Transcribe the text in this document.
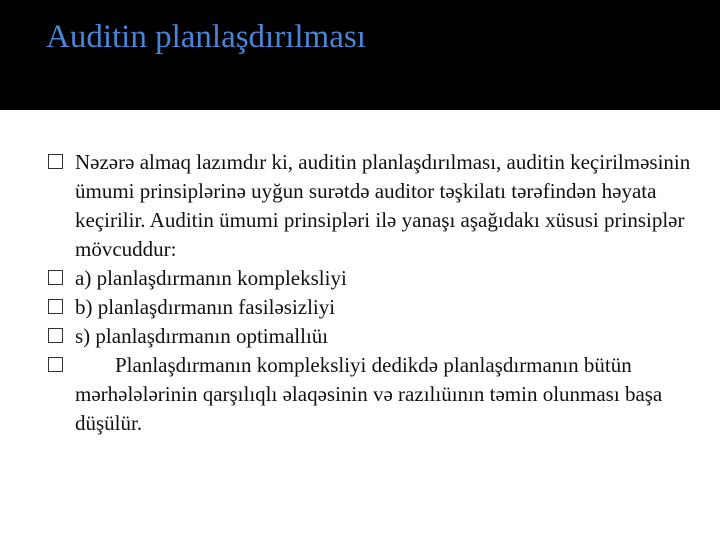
Auditin planlaşdırılması
Nəzərə almaq lazımdır ki, auditin planlaşdırılması, auditin keçirilməsinin ümumi prinsiplərinə uyğun surətdə auditor təşkilatı tərəfindən həyata keçirilir. Auditin ümumi prinsipləri ilə yanaşı aşağıdakı xüsusi prinsiplər mövcuddur:
a) planlaşdırmanın kompleksliyi
b) planlaşdırmanın fasiləsizliyi
s) planlaşdırmanın optimallıüı
Planlaşdırmanın kompleksliyi dedikdə planlaşdırmanın bütün mərhələlərinin qarşılıqlı əlaqəsinin və razılıüının təmin olunması başa düşülür.
